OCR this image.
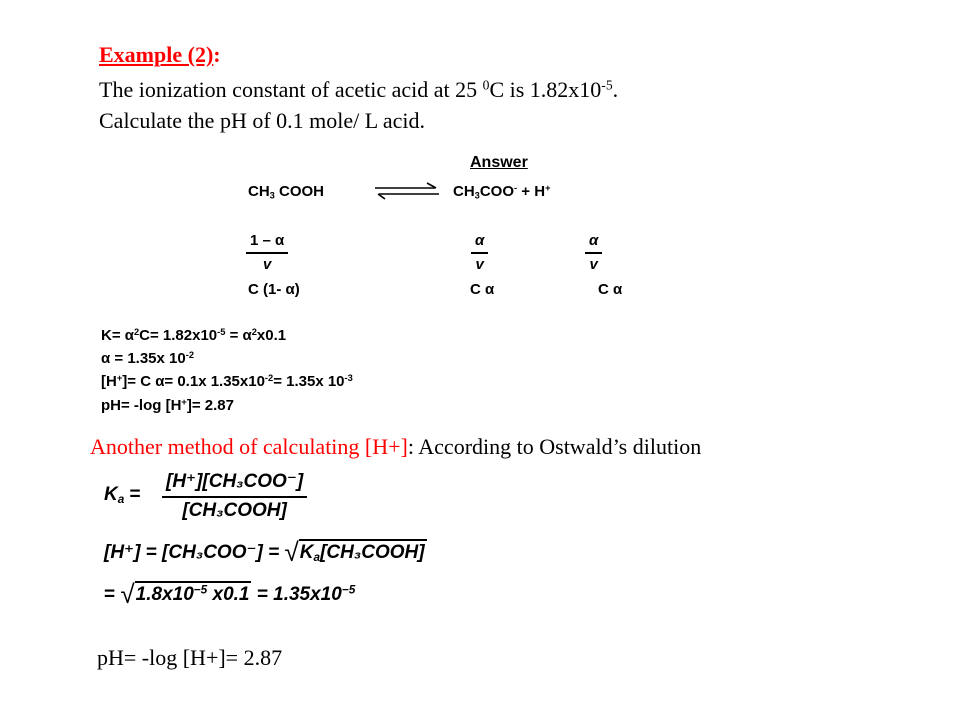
Example (2):
The ionization constant of acetic acid at 25 $^0$C is $1.82x10^{-5}$.
Calculate the pH of 0.1 mole/ L acid.
Answer
$CH_3$ COOH	$CH_3COO^- + H^+$
$\frac{1 - \alpha}{v}$	$\frac{\alpha}{v}$	$\frac{\alpha}{v}$
C (1- α)	C α	C α
$K= \alpha^2C= 1.82x10^{-5} = \alpha^2x0.1$
α = 1.35x $10^{-2}$
[H+]= C α= 0.1x $1.35x10^{-2}= 1.35x$ $10^{-3}$
pH= -log [H+]= 2.87
Another method of calculating [H+]: According to Ostwald’s dilution
$K_a$ =
[H⁺][CH₃COO⁻]
[CH₃COOH]
$[H^+] = [CH_3COO^-] = √K_a[CH_3COOH]$
= $√1.8x10^{-5}$ $x0.1 = 1.35x10^{-5}$
pH= -log [H+]= 2.87
